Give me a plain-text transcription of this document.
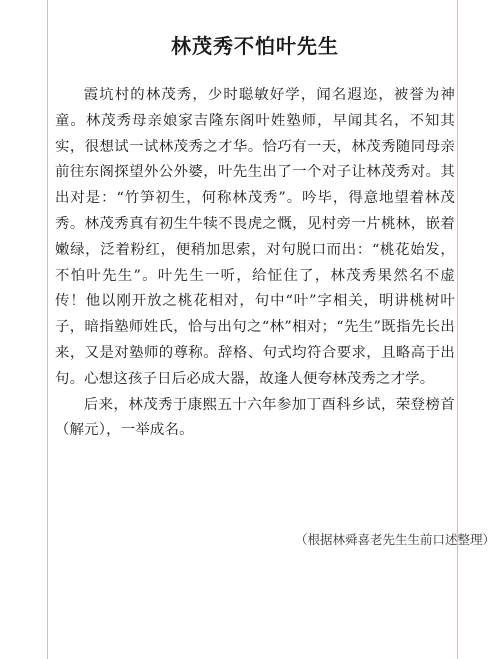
林茂秀不怕叶先生

霞坑村的林茂秀，少时聪敏好学，闻名遐迩，被誉为神童。林茂秀母亲娘家吉隆东阁叶姓塾师，早闻其名，不知其实，很想试一试林茂秀之才华。恰巧有一天，林茂秀随同母亲前往东阁探望外公外婆，叶先生出了一个对子让林茂秀对。其出对是：“竹笋初生，何称林茂秀”。吟毕，得意地望着林茂秀。林茂秀真有初生牛犊不畏虎之慨，见村旁一片桃林，嵌着嫩绿，泛着粉红，便稍加思索，对句脱口而出：“桃花始发，不怕叶先生”。叶先生一听，给怔住了，林茂秀果然名不虚传！他以刚开放之桃花相对，句中“叶”字相关，明讲桃树叶子，暗指塾师姓氏，恰与出句之“林”相对；“先生”既指先长出来，又是对塾师的尊称。辞格、句式均符合要求，且略高于出句。心想这孩子日后必成大器，故逢人便夸林茂秀之才学。

后来，林茂秀于康熙五十六年参加丁酉科乡试，荣登榜首（解元），一举成名。

（根据林舜喜老先生生前口述整理）
